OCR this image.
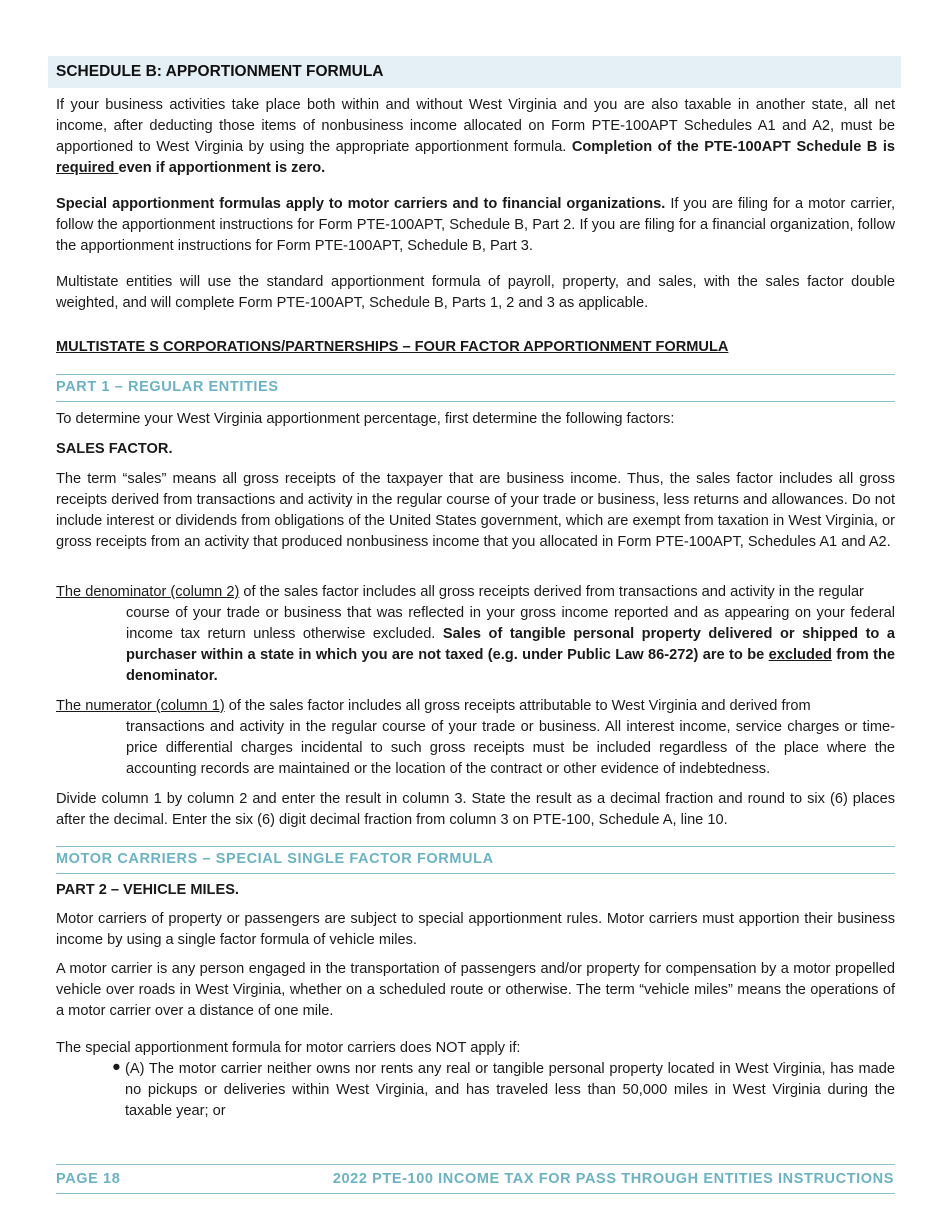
SCHEDULE B: APPORTIONMENT FORMULA

If your business activities take place both within and without West Virginia and you are also taxable in another state, all net income, after deducting those items of nonbusiness income allocated on Form PTE-100APT Schedules A1 and A2, must be apportioned to West Virginia by using the appropriate apportionment formula. Completion of the PTE-100APT Schedule B is required even if apportionment is zero.

Special apportionment formulas apply to motor carriers and to financial organizations. If you are filing for a motor carrier, follow the apportionment instructions for Form PTE-100APT, Schedule B, Part 2. If you are filing for a financial organization, follow the apportionment instructions for Form PTE-100APT, Schedule B, Part 3.

Multistate entities will use the standard apportionment formula of payroll, property, and sales, with the sales factor double weighted, and will complete Form PTE-100APT, Schedule B, Parts 1, 2 and 3 as applicable.

MULTISTATE S CORPORATIONS/PARTNERSHIPS – FOUR FACTOR APPORTIONMENT FORMULA

PART 1 – REGULAR ENTITIES

To determine your West Virginia apportionment percentage, first determine the following factors:

SALES FACTOR.

The term “sales” means all gross receipts of the taxpayer that are business income. Thus, the sales factor includes all gross receipts derived from transactions and activity in the regular course of your trade or business, less returns and allowances. Do not include interest or dividends from obligations of the United States government, which are exempt from taxation in West Virginia, or gross receipts from an activity that produced nonbusiness income that you allocated in Form PTE-100APT, Schedules A1 and A2.

The denominator (column 2) of the sales factor includes all gross receipts derived from transactions and activity in the regular

course of your trade or business that was reflected in your gross income reported and as appearing on your federal income tax return unless otherwise excluded. Sales of tangible personal property delivered or shipped to a purchaser within a state in which you are not taxed (e.g. under Public Law 86-272) are to be excluded from the denominator.

The numerator (column 1) of the sales factor includes all gross receipts attributable to West Virginia and derived from

transactions and activity in the regular course of your trade or business. All interest income, service charges or time-price differential charges incidental to such gross receipts must be included regardless of the place where the accounting records are maintained or the location of the contract or other evidence of indebtedness.

Divide column 1 by column 2 and enter the result in column 3. State the result as a decimal fraction and round to six (6) places after the decimal. Enter the six (6) digit decimal fraction from column 3 on PTE-100, Schedule A, line 10.

MOTOR CARRIERS – SPECIAL SINGLE FACTOR FORMULA

PART 2 – VEHICLE MILES.

Motor carriers of property or passengers are subject to special apportionment rules. Motor carriers must apportion their business income by using a single factor formula of vehicle miles.

A motor carrier is any person engaged in the transportation of passengers and/or property for compensation by a motor propelled vehicle over roads in West Virginia, whether on a scheduled route or otherwise. The term “vehicle miles” means the operations of a motor carrier over a distance of one mile.

The special apportionment formula for motor carriers does NOT apply if:

● (A) The motor carrier neither owns nor rents any real or tangible personal property located in West Virginia, has made no pickups or deliveries within West Virginia, and has traveled less than 50,000 miles in West Virginia during the taxable year; or

PAGE 18	2022 PTE-100 INCOME TAX FOR PASS THROUGH ENTITIES INSTRUCTIONS
